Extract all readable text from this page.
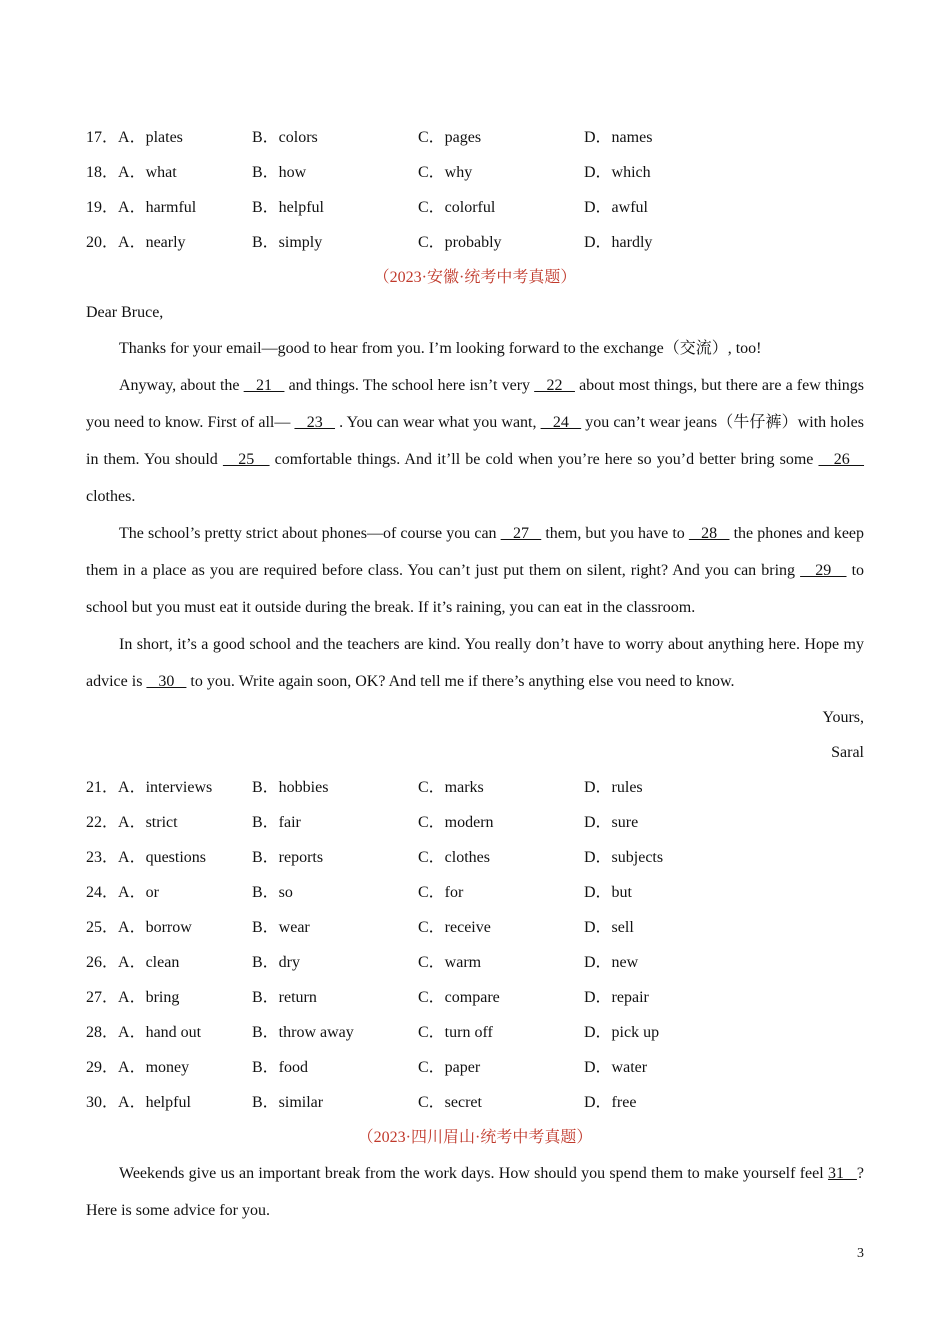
17．A．plates	B．colors	C．pages	D．names
18．A．what	B．how	C．why	D．which
19．A．harmful	B．helpful	C．colorful	D．awful
20．A．nearly	B．simply	C．probably	D．hardly
（2023·安徽·统考中考真题）
Dear Bruce,

Thanks for your email—good to hear from you. I’m looking forward to the exchange（交流）, too!

Anyway, about the    21    and things. The school here isn’t very    22    about most things, but there are a few things you need to know. First of all—    23    . You can wear what you want,    24    you can’t wear jeans（牛仔裤）with holes in them. You should    25    comfortable things. And it’ll be cold when you’re here so you’d better bring some    26    clothes.

The school’s pretty strict about phones—of course you can    27    them, but you have to    28    the phones and keep them in a place as you are required before class. You can’t just put them on silent, right? And you can bring    29    to school but you must eat it outside during the break. If it’s raining, you can eat in the classroom.

In short, it’s a good school and the teachers are kind. You really don’t have to worry about anything here. Hope my advice is    30    to you. Write again soon, OK? And tell me if there’s anything else vou need to know.

Yours,
Saral
21．A．interviews B．hobbies	C．marks	D．rules
22．A．strict	B．fair	C．modern	D．sure
23．A．questions	B．reports	C．clothes	D．subjects
24．A．or	B．so	C．for	D．but
25．A．borrow	B．wear	C．receive	D．sell
26．A．clean	B．dry	C．warm	D．new
27．A．bring	B．return	C．compare	D．repair
28．A．hand out	B．throw away	C．turn off	D．pick up
29．A．money	B．food	C．paper	D．water
30．A．helpful	B．similar	C．secret	D．free
（2023·四川眉山·统考中考真题）

Weekends give us an important break from the work days. How should you spend them to make yourself feel 31   ? Here is some advice for you.

3
